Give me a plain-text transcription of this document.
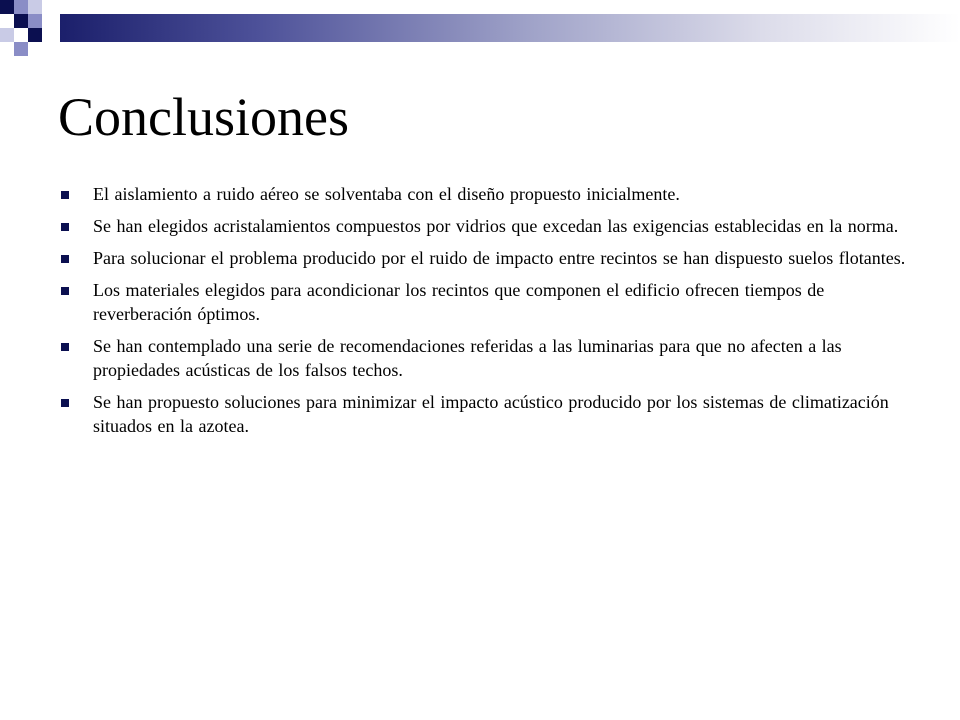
Conclusiones
El aislamiento a ruido aéreo se solventaba con el diseño propuesto inicialmente.
Se han elegidos acristalamientos compuestos por vidrios que excedan las exigencias establecidas en la norma.
Para solucionar el problema producido por el ruido de impacto entre recintos se han dispuesto suelos flotantes.
Los materiales elegidos para acondicionar los recintos que componen el edificio ofrecen tiempos de reverberación óptimos.
Se han contemplado una serie de recomendaciones referidas a las luminarias para que no afecten a las propiedades acústicas de los falsos techos.
Se han propuesto soluciones para minimizar el impacto acústico producido por los sistemas de climatización situados en la azotea.
